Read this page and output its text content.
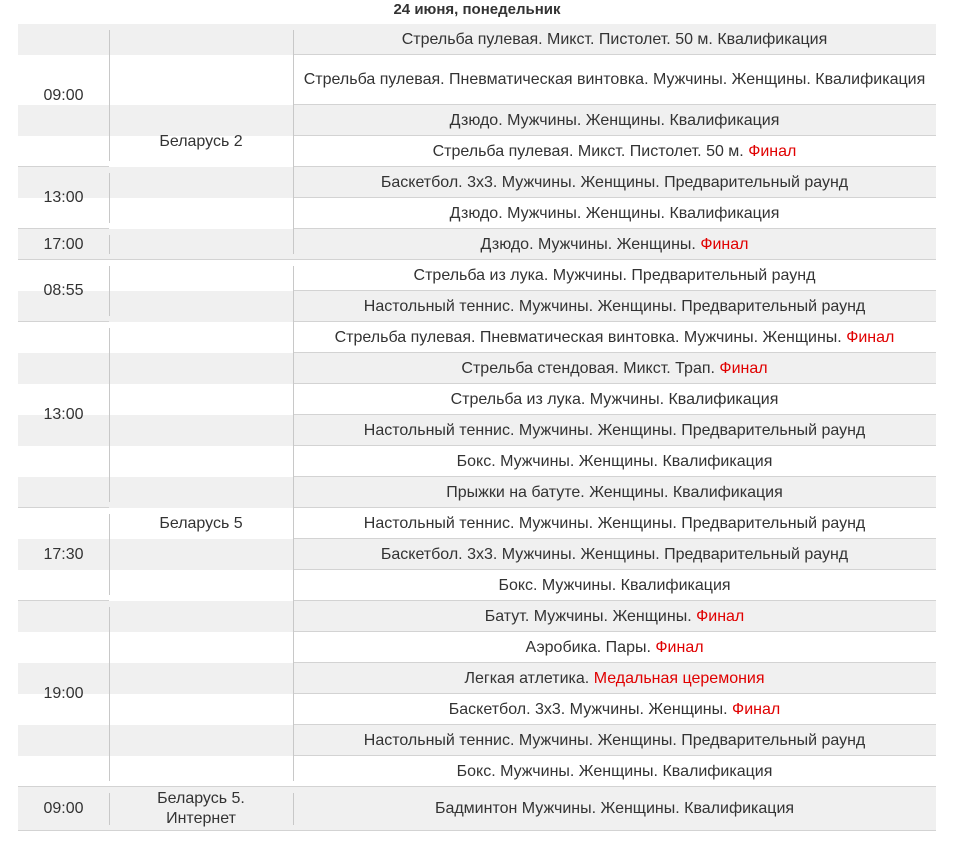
24 июня, понедельник
Стрельба пулевая. Микст. Пистолет. 50 м. Квалификация
Стрельба пулевая. Пневматическая винтовка. Мужчины. Женщины. Квалификация
Дзюдо. Мужчины. Женщины. Квалификация
Стрельба пулевая. Микст. Пистолет. 50 м. Финал
09:00
Баскетбол. 3х3. Мужчины. Женщины. Предварительный раунд
Дзюдо. Мужчины. Женщины. Квалификация
13:00
Дзюдо. Мужчины. Женщины. Финал
17:00
Беларусь 2
Стрельба из лука. Мужчины. Предварительный раунд
Настольный теннис. Мужчины. Женщины. Предварительный раунд
08:55
Стрельба пулевая. Пневматическая винтовка. Мужчины. Женщины. Финал
Стрельба стендовая. Микст. Трап. Финал
Стрельба из лука. Мужчины. Квалификация
Настольный теннис. Мужчины. Женщины. Предварительный раунд
Бокс. Мужчины. Женщины. Квалификация
Прыжки на батуте. Женщины. Квалификация
13:00
Настольный теннис. Мужчины. Женщины. Предварительный раунд
Баскетбол. 3х3. Мужчины. Женщины. Предварительный раунд
Бокс. Мужчины. Квалификация
17:30
Батут. Мужчины. Женщины. Финал
Аэробика. Пары. Финал
Легкая атлетика. Медальная церемония
Баскетбол. 3х3. Мужчины. Женщины. Финал
Настольный теннис. Мужчины. Женщины. Предварительный раунд
Бокс. Мужчины. Женщины. Квалификация
19:00
Беларусь 5
Бадминтон Мужчины. Женщины. Квалификация
09:00
Беларусь 5. Интернет
